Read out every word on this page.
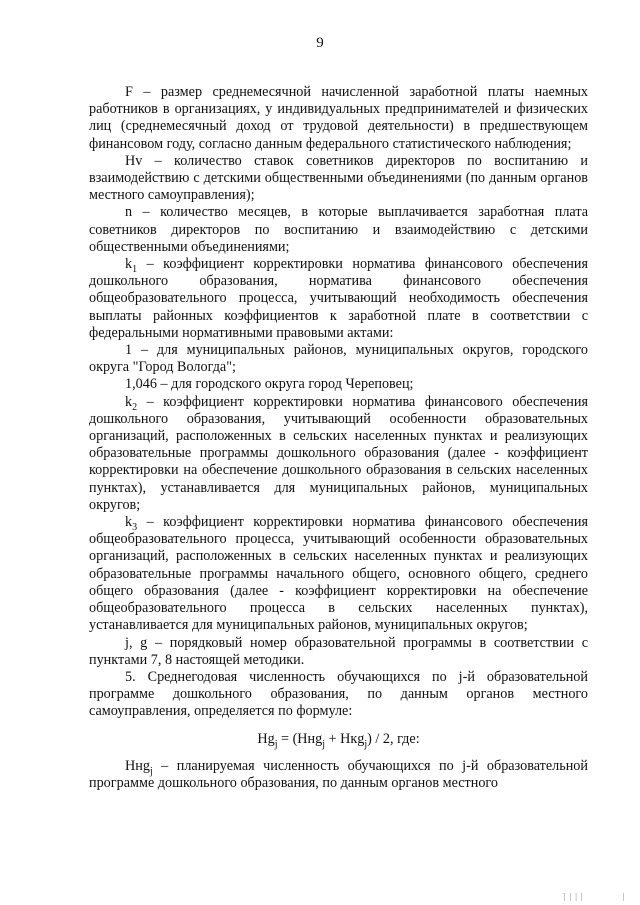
9

F – размер среднемесячной начисленной заработной платы наемных работников в организациях, у индивидуальных предпринимателей и физических лиц (среднемесячный доход от трудовой деятельности) в предшествующем финансовом году, согласно данным федерального статистического наблюдения;

Нv – количество ставок советников директоров по воспитанию и взаимодействию с детскими общественными объединениями (по данным органов местного самоуправления);

n – количество месяцев, в которые выплачивается заработная плата советников директоров по воспитанию и взаимодействию с детскими общественными объединениями;

$k_1$ – коэффициент корректировки норматива финансового обеспечения дошкольного образования, норматива финансового обеспечения общеобразовательного процесса, учитывающий необходимость обеспечения выплаты районных коэффициентов к заработной плате в соответствии с федеральными нормативными правовыми актами:

1 – для муниципальных районов, муниципальных округов, городского округа "Город Вологда";

1,046 – для городского округа город Череповец;

$k_2$ – коэффициент корректировки норматива финансового обеспечения дошкольного образования, учитывающий особенности образовательных организаций, расположенных в сельских населенных пунктах и реализующих образовательные программы дошкольного образования (далее - коэффициент корректировки на обеспечение дошкольного образования в сельских населенных пунктах), устанавливается для муниципальных районов, муниципальных округов;

$k_3$ – коэффициент корректировки норматива финансового обеспечения общеобразовательного процесса, учитывающий особенности образовательных организаций, расположенных в сельских населенных пунктах и реализующих образовательные программы начального общего, основного общего, среднего общего образования (далее - коэффициент корректировки на обеспечение общеобразовательного процесса в сельских населенных пунктах), устанавливается для муниципальных районов, муниципальных округов;

j, g – порядковый номер образовательной программы в соответствии с пунктами 7, 8 настоящей методики.

5. Среднегодовая численность обучающихся по j-й образовательной программе дошкольного образования, по данным органов местного самоуправления, определяется по формуле:

$Нg_j = (Ннg_j + Нкg_j) / 2$, где:

Ннg$_j$ – планируемая численность обучающихся по j-й образовательной программе дошкольного образования, по данным органов местного

ׁׁ| | | |	|
